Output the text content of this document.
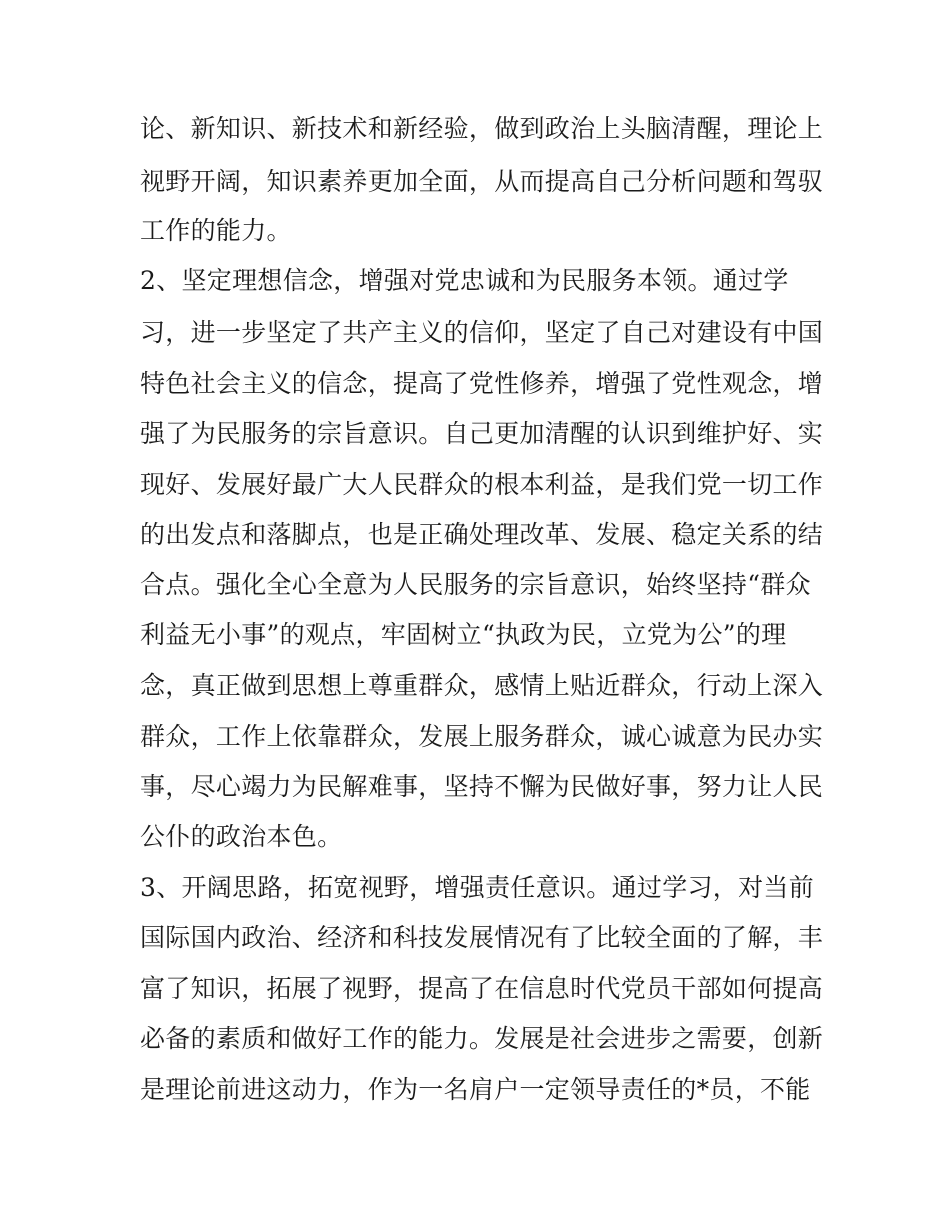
论、新知识、新技术和新经验，做到政治上头脑清醒，理论上
视野开阔，知识素养更加全面，从而提高自己分析问题和驾驭
工作的能力。
2、坚定理想信念，增强对党忠诚和为民服务本领。通过学
习，进一步坚定了共产主义的信仰，坚定了自己对建设有中国
特色社会主义的信念，提高了党性修养，增强了党性观念，增
强了为民服务的宗旨意识。自己更加清醒的认识到维护好、实
现好、发展好最广大人民群众的根本利益，是我们党一切工作
的出发点和落脚点，也是正确处理改革、发展、稳定关系的结
合点。强化全心全意为人民服务的宗旨意识，始终坚持“群众
利益无小事”的观点，牢固树立“执政为民，立党为公”的理
念，真正做到思想上尊重群众，感情上贴近群众，行动上深入
群众，工作上依靠群众，发展上服务群众，诚心诚意为民办实
事，尽心竭力为民解难事，坚持不懈为民做好事，努力让人民
公仆的政治本色。
3、开阔思路，拓宽视野，增强责任意识。通过学习，对当前
国际国内政治、经济和科技发展情况有了比较全面的了解，丰
富了知识，拓展了视野，提高了在信息时代党员干部如何提高
必备的素质和做好工作的能力。发展是社会进步之需要，创新
是理论前进这动力，作为一名肩户一定领导责任的*员，不能
